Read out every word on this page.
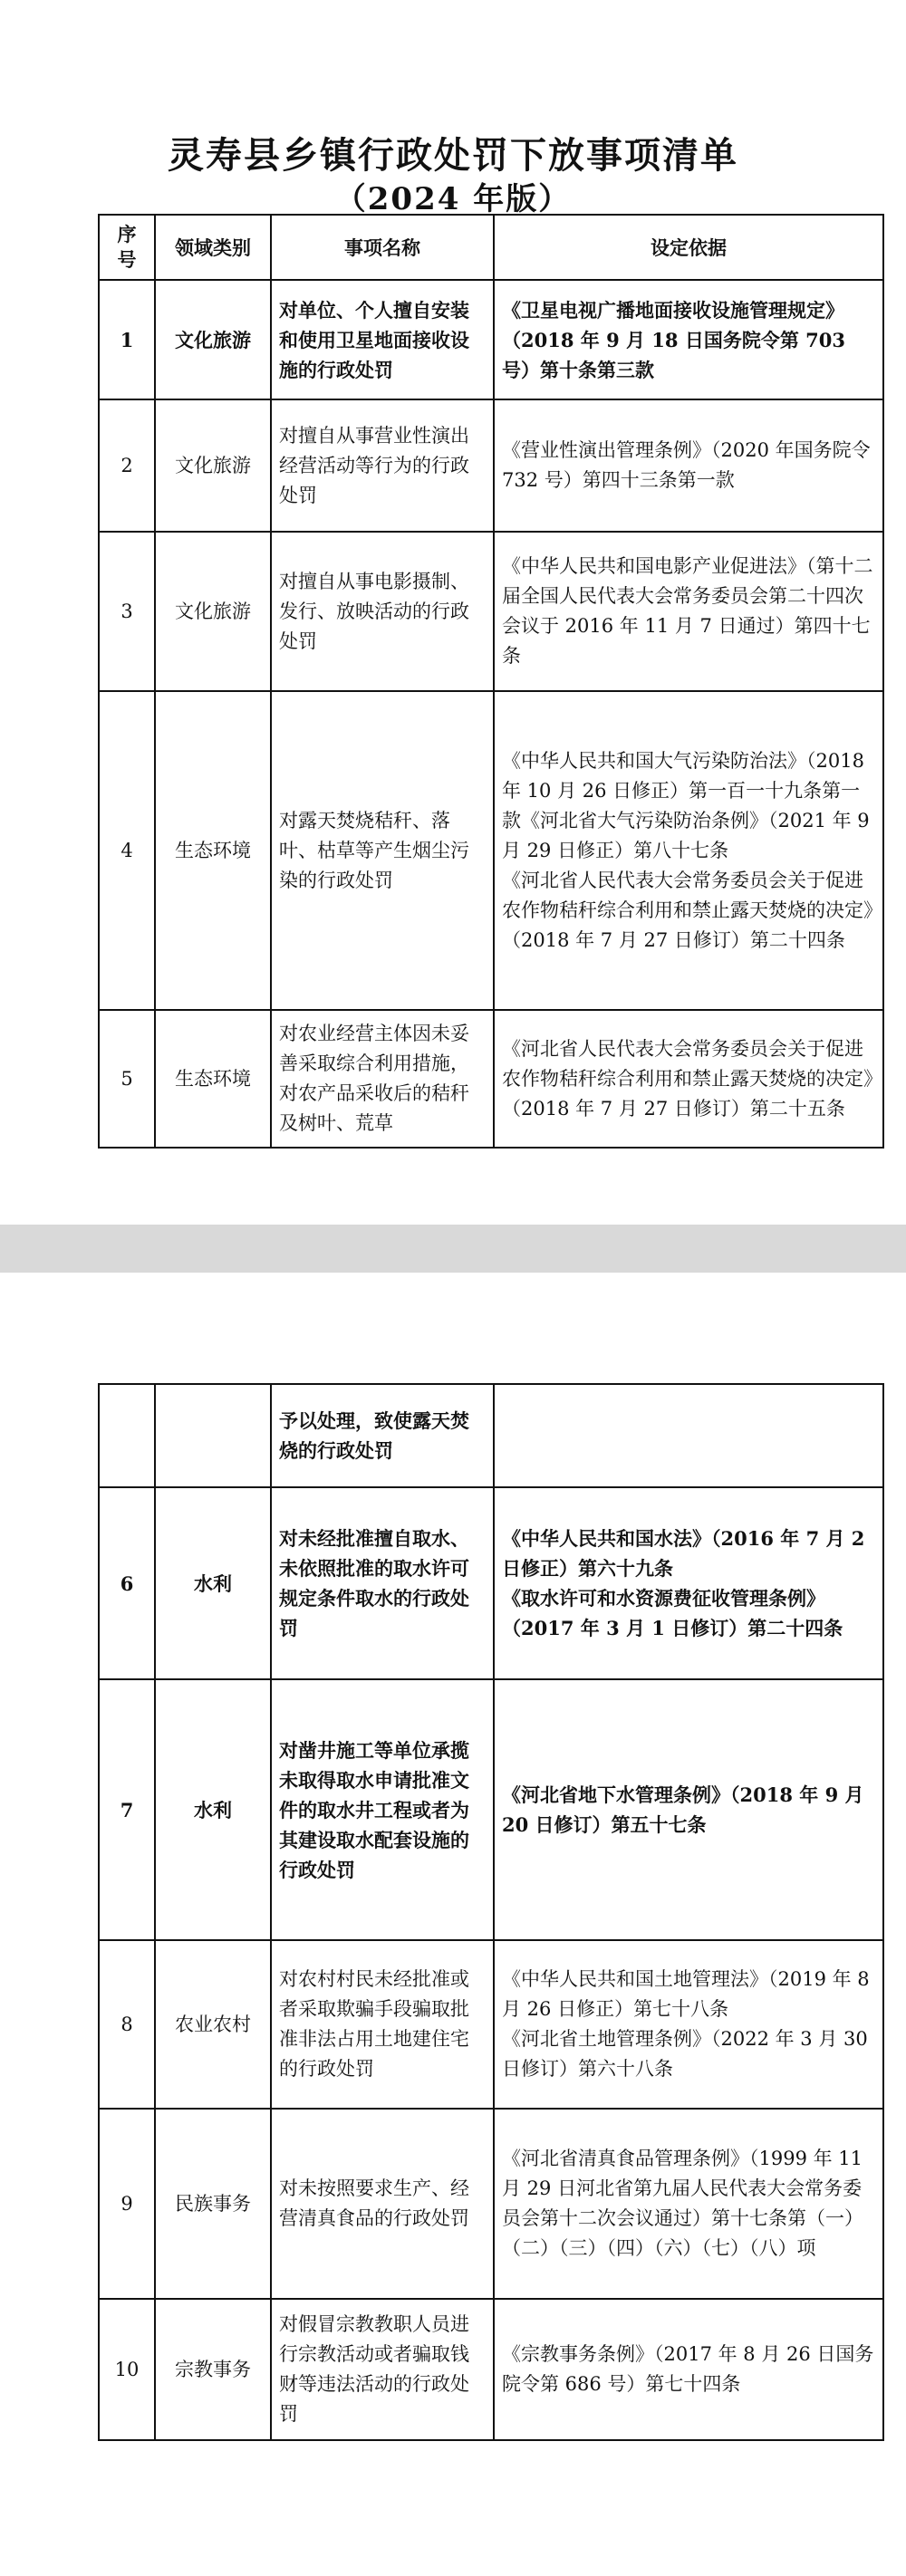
灵寿县乡镇行政处罚下放事项清单
（2024 年版）
序号	领域类别	事项名称	设定依据
1	文化旅游	对单位、个人擅自安装和使用卫星地面接收设施的行政处罚	《卫星电视广播地面接收设施管理规定》（2018 年 9 月 18 日国务院令第 703 号）第十条第三款

2	文化旅游	对擅自从事营业性演出经营活动等行为的行政处罚	《营业性演出管理条例》（2020 年国务院令 732 号）第四十三条第一款

3	文化旅游	对擅自从事电影摄制、发行、放映活动的行政处罚	《中华人民共和国电影产业促进法》（第十二届全国人民代表大会常务委员会第二十四次会议于 2016 年 11 月 7 日通过）第四十七条

4	生态环境	对露天焚烧秸秆、落叶、枯草等产生烟尘污染的行政处罚	《中华人民共和国大气污染防治法》（2018 年 10 月 26 日修正）第一百一十九条第一款《河北省大气污染防治条例》（2021 年 9 月 29 日修正）第八十七条
《河北省人民代表大会常务委员会关于促进农作物秸秆综合利用和禁止露天焚烧的决定》（2018 年 7 月 27 日修订）第二十四条

5	生态环境	对农业经营主体因未妥善采取综合利用措施，对农产品采收后的秸秆及树叶、荒草	《河北省人民代表大会常务委员会关于促进农作物秸秆综合利用和禁止露天焚烧的决定》（2018 年 7 月 27 日修订）第二十五条
		予以处理，致使露天焚烧的行政处罚	
6	水利	对未经批准擅自取水、未依照批准的取水许可规定条件取水的行政处罚	《中华人民共和国水法》（2016 年 7 月 2 日修正）第六十九条
《取水许可和水资源费征收管理条例》（2017 年 3 月 1 日修订）第二十四条

7	水利	对凿井施工等单位承揽未取得取水申请批准文件的取水井工程或者为其建设取水配套设施的行政处罚	《河北省地下水管理条例》（2018 年 9 月 20 日修订）第五十七条

8	农业农村	对农村村民未经批准或者采取欺骗手段骗取批准非法占用土地建住宅的行政处罚	《中华人民共和国土地管理法》（2019 年 8 月 26 日修正）第七十八条
《河北省土地管理条例》（2022 年 3 月 30 日修订）第六十八条

9	民族事务	对未按照要求生产、经营清真食品的行政处罚	《河北省清真食品管理条例》（1999 年 11 月 29 日河北省第九届人民代表大会常务委员会第十二次会议通过）第十七条第（一）（二）（三）（四）（六）（七）（八）项

10	宗教事务	对假冒宗教教职人员进行宗教活动或者骗取钱财等违法活动的行政处罚	《宗教事务条例》（2017 年 8 月 26 日国务院令第 686 号）第七十四条
